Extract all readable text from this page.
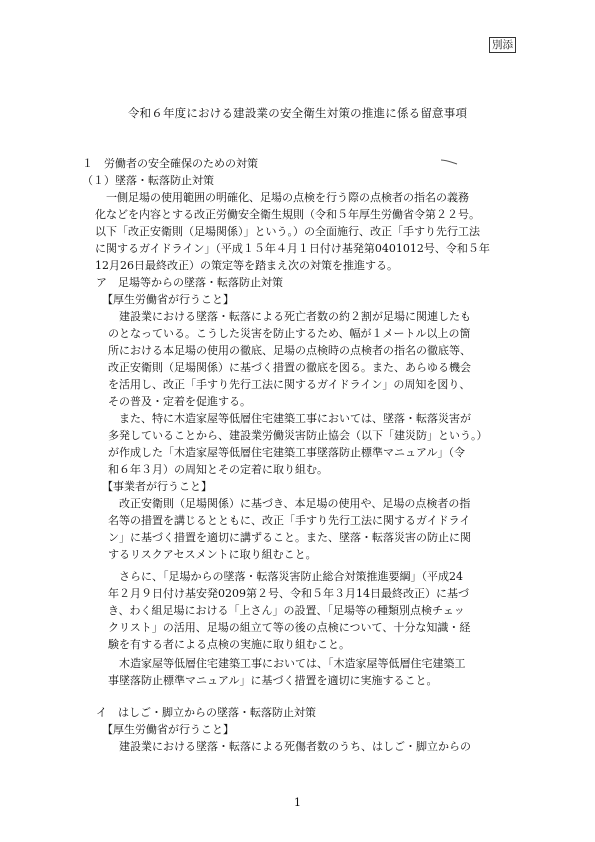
別添
令和６年度における建設業の安全衛生対策の推進に係る留意事項
１　労働者の安全確保のための対策
（１）墜落・転落防止対策
　一側足場の使用範囲の明確化、足場の点検を行う際の点検者の指名の義務
化などを内容とする改正労働安全衛生規則（令和５年厚生労働省令第２２号。
以下「改正安衛則（足場関係）」という。）の全面施行、改正「手すり先行工法
に関するガイドライン」（平成１５年４月１日付け基発第0401012号、令和５年
12月26日最終改正）の策定等を踏まえ次の対策を推進する。
ア　足場等からの墜落・転落防止対策
【厚生労働省が行うこと】
　建設業における墜落・転落による死亡者数の約２割が足場に関連したも
のとなっている。こうした災害を防止するため、幅が１メートル以上の箇
所における本足場の使用の徹底、足場の点検時の点検者の指名の徹底等、
改正安衛則（足場関係）に基づく措置の徹底を図る。また、あらゆる機会
を活用し、改正「手すり先行工法に関するガイドライン」の周知を図り、
その普及・定着を促進する。
　また、特に木造家屋等低層住宅建築工事においては、墜落・転落災害が
多発していることから、建設業労働災害防止協会（以下「建災防」という。）
が作成した「木造家屋等低層住宅建築工事墜落防止標準マニュアル」（令
和６年３月）の周知とその定着に取り組む。
【事業者が行うこと】
　改正安衛則（足場関係）に基づき、本足場の使用や、足場の点検者の指
名等の措置を講じるとともに、改正「手すり先行工法に関するガイドライ
ン」に基づく措置を適切に講ずること。また、墜落・転落災害の防止に関
するリスクアセスメントに取り組むこと。
　さらに、「足場からの墜落・転落災害防止総合対策推進要綱」（平成24
年２月９日付け基安発0209第２号、令和５年３月14日最終改正）に基づ
き、わく組足場における「上さん」の設置、「足場等の種類別点検チェッ
クリスト」の活用、足場の組立て等の後の点検について、十分な知識・経
験を有する者による点検の実施に取り組むこと。
　木造家屋等低層住宅建築工事においては、「木造家屋等低層住宅建築工
事墜落防止標準マニュアル」に基づく措置を適切に実施すること。
イ　はしご・脚立からの墜落・転落防止対策
【厚生労働省が行うこと】
　建設業における墜落・転落による死傷者数のうち、はしご・脚立からの
1
